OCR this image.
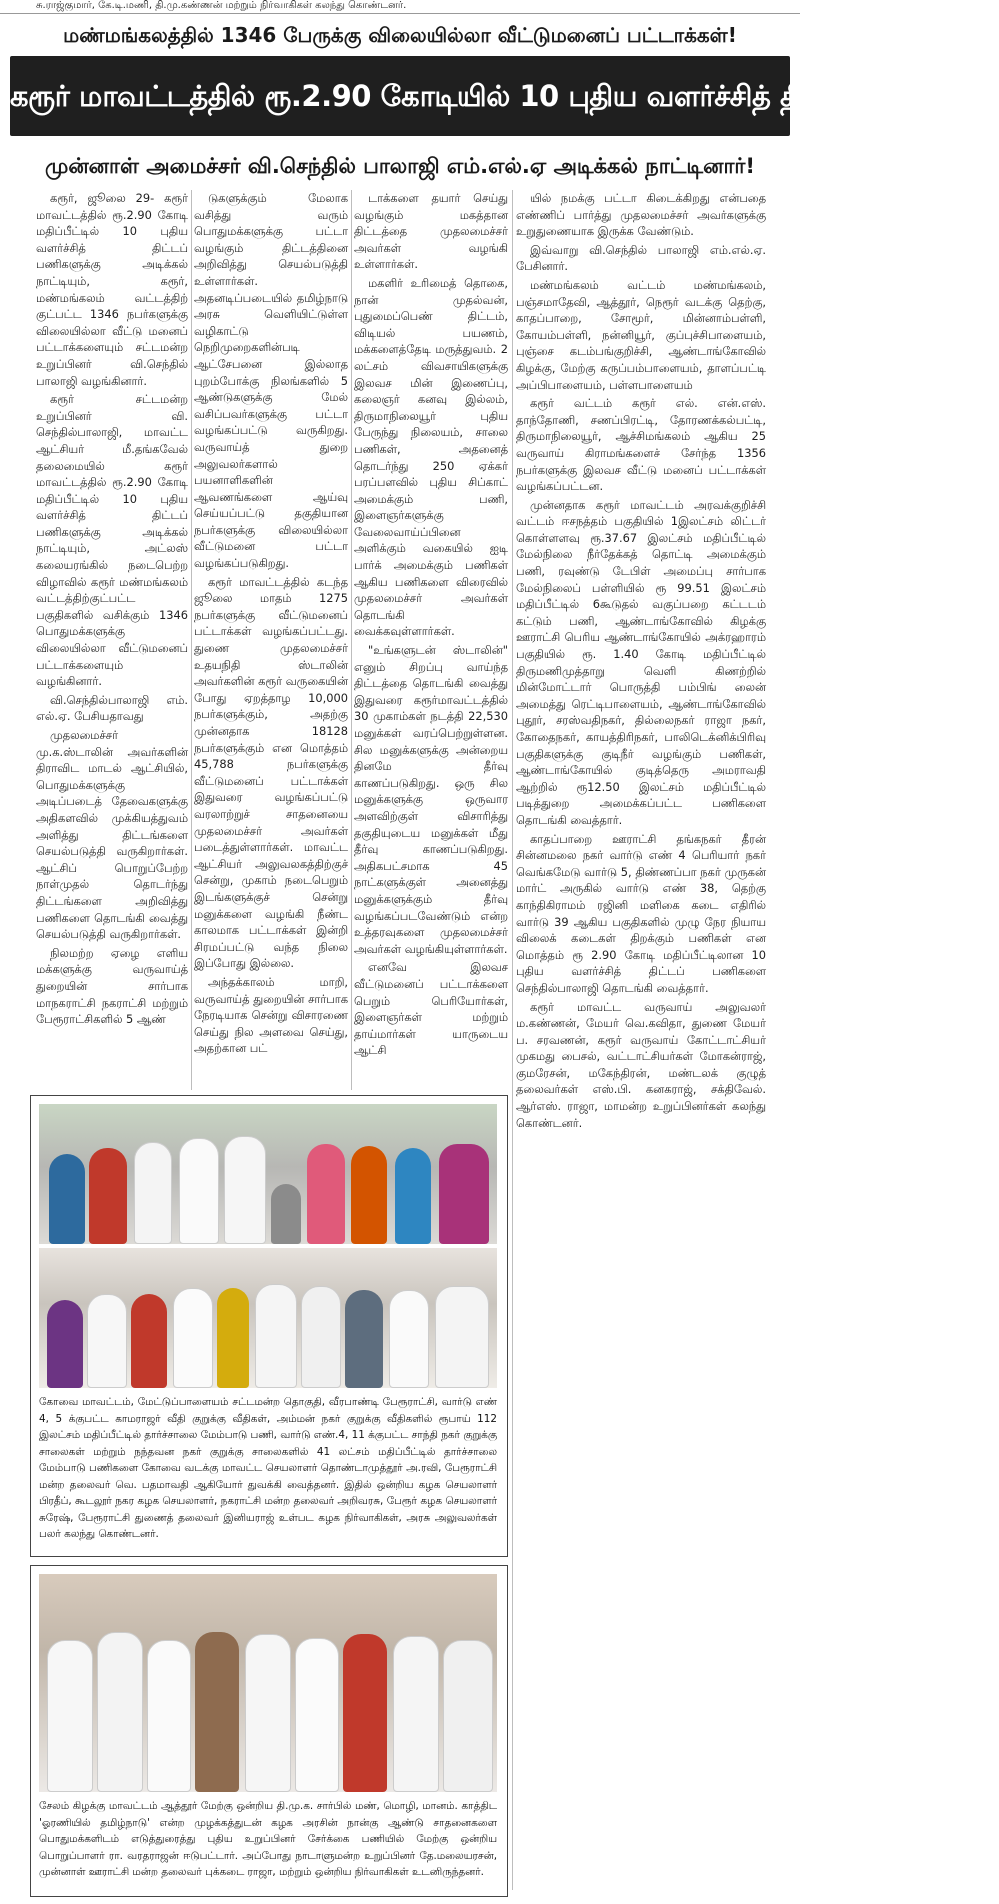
சு.ராஜ்குமார், கே.டி.மணி, தி.மு.கண்ணன் மற்றும் நிர்வாகிகள் கலந்து கொண்டனர்.
மண்மங்கலத்தில் 1346 பேருக்கு விலையில்லா வீட்டுமனைப் பட்டாக்கள்!
கரூர் மாவட்டத்தில் ரூ.2.90 கோடியில் 10 புதிய வளர்ச்சித் திட்டப் பணிகள்!
முன்னாள் அமைச்சர் வி.செந்தில் பாலாஜி எம்.எல்.ஏ அடிக்கல் நாட்டினார்!

கரூர், ஜூலை 29- கரூர் மாவட்டத்தில் ரூ.2.90 கோடி மதிப்பீட்டில் 10 புதிய வளர்ச்சித் திட்டப் பணிகளுக்கு அடிக்கல் நாட்டியும், கரூர், மண்மங்கலம் வட்டத்திற் குட்பட்ட 1346 நபர்களுக்கு விலையில்லா வீட்டு மனைப் பட்டாக்களையும் சட்டமன்ற உறுப்பினர் வி.செந்தில் பாலாஜி வழங்கினார்.

கரூர் சட்டமன்ற உறுப்பினர் வி. செந்தில்பாலாஜி, மாவட்ட ஆட்சியர் மீ.தங்கவேல் தலைமையில் கரூர் மாவட்டத்தில் ரூ.2.90 கோடி மதிப்பீட்டில் 10 புதிய வளர்ச்சித் திட்டப் பணிகளுக்கு அடிக்கல் நாட்டியும், அட்லஸ் கலையரங்கில் நடைபெற்ற விழாவில் கரூர் மண்மங்கலம் வட்டத்திற்குட்பட்ட பகுதிகளில் வசிக்கும் 1346 பொதுமக்களுக்கு விலையில்லா வீட்டுமனைப் பட்டாக்களையும் வழங்கினார்.

வி.செந்தில்பாலாஜி எம். எல்.ஏ. பேசியதாவது

முதலமைச்சர் மு.க.ஸ்டாலின் அவர்களின் திராவிட மாடல் ஆட்சியில், பொதுமக்களுக்கு அடிப்படைத் தேவைகளுக்கு அதிகளவில் முக்கியத்துவம் அளித்து திட்டங்களை செயல்படுத்தி வருகிறார்கள். ஆட்சிப் பொறுப்பேற்ற நாள்முதல் தொடர்ந்து திட்டங்களை அறிவித்து பணிகளை தொடங்கி வைத்து செயல்படுத்தி வருகிறார்கள்.

நிலமற்ற ஏழை எளிய மக்களுக்கு வருவாய்த் துறையின் சார்பாக மாநகராட்சி நகராட்சி மற்றும் பேரூராட்சிகளில் 5 ஆண்

டுகளுக்கும் மேலாக வசித்து வரும் பொதுமக்களுக்கு பட்டா வழங்கும் திட்டத்தினை அறிவித்து செயல்படுத்தி உள்ளார்கள். அதனடிப்படையில் தமிழ்நாடு அரசு வெளியிட்டுள்ள வழிகாட்டு நெறிமுறைகளின்படி ஆட்சேபனை இல்லாத புறம்போக்கு நிலங்களில் 5 ஆண்டுகளுக்கு மேல் வசிப்பவர்களுக்கு பட்டா வழங்கப்பட்டு வருகிறது. வருவாய்த் துறை அலுவலர்களால் பயனாளிகளின் ஆவணங்களை ஆய்வு செய்யப்பட்டு தகுதியான நபர்களுக்கு விலையில்லா வீட்டுமனை பட்டா வழங்கப்படுகிறது.

கரூர் மாவட்டத்தில் கடந்த ஜூலை மாதம் 1275 நபர்களுக்கு வீட்டுமனைப் பட்டாக்கள் வழங்கப்பட்டது. துணை முதலமைச்சர் உதயநிதி ஸ்டாலின் அவர்களின் கரூர் வருகையின் போது ஏறத்தாழ 10,000 நபர்களுக்கும், அதற்கு முன்னதாக 18128 நபர்களுக்கும் என மொத்தம் 45,788 நபர்களுக்கு வீட்டுமனைப் பட்டாக்கள் இதுவரை வழங்கப்பட்டு வரலாற்றுச் சாதனையை முதலமைச்சர் அவர்கள் படைத்துள்ளார்கள். மாவட்ட ஆட்சியர் அலுவலகத்திற்குச் சென்று, முகாம் நடைபெறும் இடங்களுக்குச் சென்று மனுக்களை வழங்கி நீண்ட காலமாக பட்டாக்கள் இன்றி சிரமப்பட்டு வந்த நிலை இப்போது இல்லை.

அந்தக்காலம் மாறி, வருவாய்த் துறையின் சார்பாக நேரடியாக சென்று விசாரணை செய்து நில அளவை செய்து, அதற்கான பட்

டாக்களை தயார் செய்து வழங்கும் மகத்தான திட்டத்தை முதலமைச்சர் அவர்கள் வழங்கி உள்ளார்கள்.

மகளிர் உரிமைத் தொகை, நான் முதல்வன், புதுமைப்பெண் திட்டம், விடியல் பயணம், மக்களைத்தேடி மருத்துவம். 2 லட்சம் விவசாயிகளுக்கு இலவச மின் இணைப்பு, கலைஞர் கனவு இல்லம், திருமாநிலையூர் புதிய பேருந்து நிலையம், சாலை பணிகள், அதனைத் தொடர்ந்து 250 ஏக்கர் பரப்பளவில் புதிய சிப்காட் அமைக்கும் பணி, இளைஞர்களுக்கு வேலைவாய்ப்பினை அளிக்கும் வகையில் ஐடி பார்க் அமைக்கும் பணிகள் ஆகிய பணிகளை விரைவில் முதலமைச்சர் அவர்கள் தொடங்கி வைக்கவுள்ளார்கள்.

"உங்களுடன் ஸ்டாலின்" எனும் சிறப்பு வாய்ந்த திட்டத்தை தொடங்கி வைத்து இதுவரை கரூர்மாவட்டத்தில் 30 முகாம்கள் நடத்தி 22,530 மனுக்கள் வரப்பெற்றுள்ளன. சில மனுக்களுக்கு அன்றைய தினமே தீர்வு காணப்படுகிறது. ஒரு சில மனுக்களுக்கு ஒருவார அளவிற்குள் விசாரித்து தகுதியுடைய மனுக்கள் மீது தீர்வு காணப்படுகிறது. அதிகபட்சமாக 45 நாட்களுக்குள் அனைத்து மனுக்களுக்கும் தீர்வு வழங்கப்படவேண்டும் என்ற உத்தரவுகளை முதலமைச்சர் அவர்கள் வழங்கியுள்ளார்கள்.

எனவே இலவச வீட்டுமனைப் பட்டாக்களை பெறும் பெரியோர்கள், இளைஞர்கள் மற்றும் தாய்மார்கள் யாருடைய ஆட்சி

யில் நமக்கு பட்டா கிடைக்கிறது என்பதை எண்ணிப் பார்த்து முதலமைச்சர் அவர்களுக்கு உறுதுணையாக இருக்க வேண்டும்.

இவ்வாறு வி.செந்தில் பாலாஜி எம்.எல்.ஏ. பேசினார்.

மண்மங்கலம் வட்டம் மண்மங்கலம், பஞ்சமாதேவி, ஆத்தூர், நெரூர் வடக்கு தெற்கு, காதப்பாறை, சோமூர், மின்னாம்பள்ளி, கோயம்பள்ளி, நன்னியூர், குப்புச்சிபாளையம், புஞ்சை கடம்பங்குறிச்சி, ஆண்டாங்கோவில் கிழக்கு, மேற்கு கருப்பம்பாளையம், தாளப்பட்டி அப்பிபாளையம், பள்ளபாளையம்

கரூர் வட்டம் கரூர் எல். என்.எஸ். தாந்தோணி, சணப்பிரட்டி, தோரணக்கல்பட்டி, திருமாநிலையூர், ஆச்சிமங்கலம் ஆகிய 25 வருவாய் கிராமங்களைச் சேர்ந்த 1356 நபர்களுக்கு இலவச வீட்டு மனைப் பட்டாக்கள் வழங்கப்பட்டன.

முன்னதாக கரூர் மாவட்டம் அரவக்குறிச்சி வட்டம் ஈசநத்தம் பகுதியில் 1இலட்சம் லிட்டர் கொள்ளளவு ரூ.37.67 இலட்சம் மதிப்பீட்டில் மேல்நிலை நீர்தேக்கத் தொட்டி அமைக்கும் பணி, ரவுண்டு டேபிள் அமைப்பு சார்பாக மேல்நிலைப் பள்ளியில் ரூ 99.51 இலட்சம் மதிப்பீட்டில் 6கூடுதல் வகுப்பறை கட்டடம் கட்டும் பணி, ஆண்டாங்கோவில் கிழக்கு ஊராட்சி பெரிய ஆண்டாங்கோயில் அக்ரஹாரம் பகுதியில் ரூ. 1.40 கோடி மதிப்பீட்டில் திருமணிமுத்தாறு வெளி கிணற்றில் மின்மோட்டார் பொருத்தி பம்பிங் லைன் அமைத்து ரெட்டிபாளையம், ஆண்டாங்கோவில் புதூர், சரஸ்வதிநகர், தில்லைநகர் ராஜா நகர், கோதைநகர், காயத்திரிநகர், பாலிடெக்னிக்பிரிவு பகுதிகளுக்கு குடிநீர் வழங்கும் பணிகள், ஆண்டாங்கோயில் குடித்தெரு அமராவதி ஆற்றில் ரூ12.50 இலட்சம் மதிப்பீட்டில் படித்துறை அமைக்கப்பட்ட பணிகளை தொடங்கி வைத்தார்.

காதப்பாறை ஊராட்சி தங்கநகர் தீரன் சின்னமலை நகர் வார்டு எண் 4 பெரியார் நகர் வெங்கமேடு வார்டு 5, திண்ணப்பா நகர் முருகன் மார்ட் அருகில் வார்டு எண் 38, தெற்கு காந்திகிராமம் ரஜினி மளிகை கடை எதிரில் வார்டு 39 ஆகிய பகுதிகளில் முழு நேர நியாய விலைக் கடைகள் திறக்கும் பணிகள் என மொத்தம் ரூ 2.90 கோடி மதிப்பீட்டிலான 10 புதிய வளர்ச்சித் திட்டப் பணிகளை செந்தில்பாலாஜி தொடங்கி வைத்தார்.

கரூர் மாவட்ட வருவாய் அலுவலர் ம.கண்ணன், மேயர் வெ.கவிதா, துணை மேயர் ப. சரவணன், கரூர் வருவாய் கோட்டாட்சியர் முகமது பைசல், வட்டாட்சியர்கள் மோகன்ராஜ், குமரேசன், மகேந்திரன், மண்டலக் குழுத் தலைவர்கள் எஸ்.பி. கனகராஜ், சக்திவேல். ஆர்எஸ். ராஜா, மாமன்ற உறுப்பினர்கள் கலந்து கொண்டனர்.

கோவை மாவட்டம், மேட்டுப்பாளையம் சட்டமன்ற தொகுதி, வீரபாண்டி பேரூராட்சி, வார்டு எண் 4, 5 க்குபட்ட காமராஜர் வீதி குறுக்கு வீதிகள், அம்மன் நகர் குறுக்கு வீதிகளில் ரூபாய் 112 இலட்சம் மதிப்பீட்டில் தார்ச்சாலை மேம்பாடு பணி, வார்டு எண்.4, 11 க்குபட்ட சாந்தி நகர் குறுக்கு சாலைகள் மற்றும் நந்தவன நகர் குறுக்கு சாலைகளில் 41 லட்சம் மதிப்பீட்டில் தார்ச்சாலை மேம்பாடு பணிகளை கோவை வடக்கு மாவட்ட செயலாளர் தொண்டாமுத்தூர் அ.ரவி, பேரூராட்சி மன்ற தலைவர் வெ. பதமாவதி ஆகியோர் துவக்கி வைத்தனர். இதில் ஒன்றிய கழக செயலாளர் பிரதீப், கூடலூர் நகர கழக செயலாளர், நகராட்சி மன்ற தலைவர் அறிவரசு, பேரூர் கழக செயலாளர் சுரேஷ், பேரூராட்சி துணைத் தலைவர் இனியராஜ் உள்பட கழக நிர்வாகிகள், அரசு அலுவலர்கள் பலர் கலந்து கொண்டனர்.
சேலம் கிழக்கு மாவட்டம் ஆத்தூர் மேற்கு ஒன்றிய தி.மு.க. சார்பில் மண், மொழி, மானம். காத்திட 'ஓரணியில் தமிழ்நாடு' என்ற முழக்கத்துடன் கழக அரசின் நான்கு ஆண்டு சாதனைகளை பொதுமக்களிடம் எடுத்துரைத்து புதிய உறுப்பினர் சேர்க்கை பணியில் மேற்கு ஒன்றிய பொறுப்பாளர் ரா. வரதராஜன் ஈடுபட்டார். அப்போது நாடாளுமன்ற உறுப்பினர் தே.மலையரசன், முன்னாள் ஊராட்சி மன்ற தலைவர் புக்கடை ராஜா, மற்றும் ஒன்றிய நிர்வாகிகள் உடனிருந்தனர்.
